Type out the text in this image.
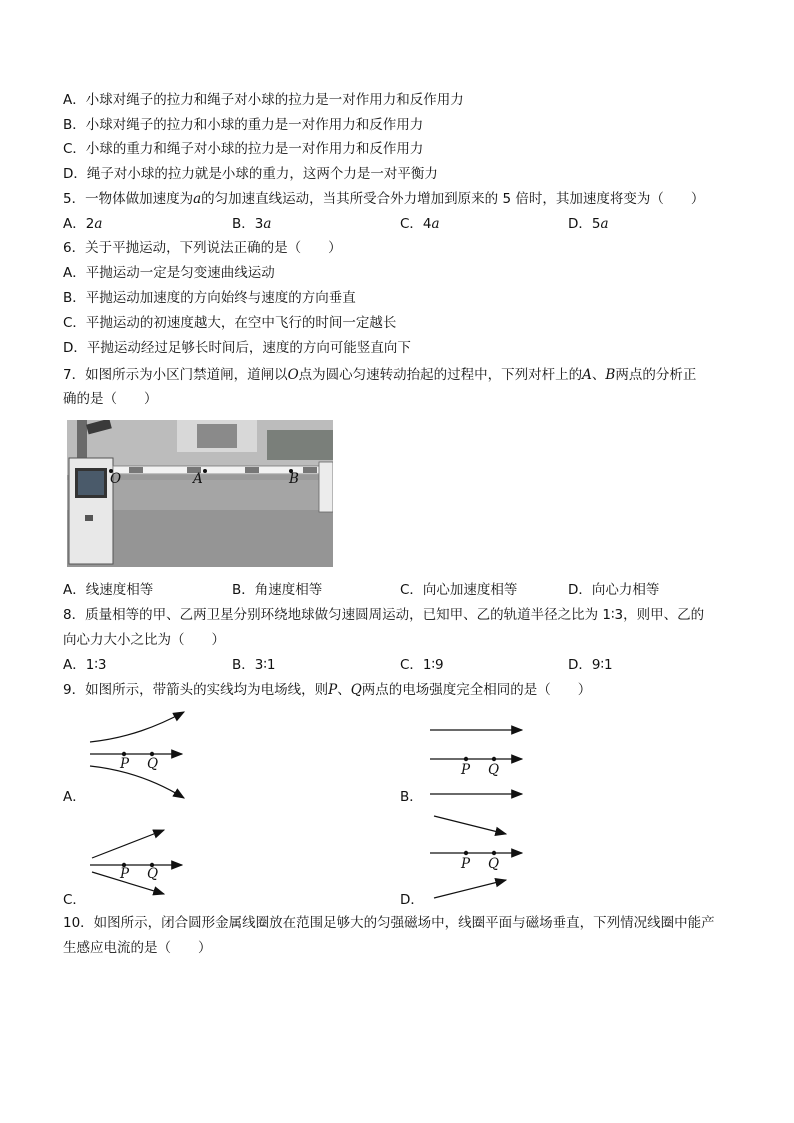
A．小球对绳子的拉力和绳子对小球的拉力是一对作用力和反作用力
B．小球对绳子的拉力和小球的重力是一对作用力和反作用力
C．小球的重力和绳子对小球的拉力是一对作用力和反作用力
D．绳子对小球的拉力就是小球的重力，这两个力是一对平衡力
5．一物体做加速度为a的匀加速直线运动，当其所受合外力增加到原来的 5 倍时，其加速度将变为（　　）
A．2a	B．3a	C．4a	D．5a
6．关于平抛运动，下列说法正确的是（　　）
A．平抛运动一定是匀变速曲线运动
B．平抛运动加速度的方向始终与速度的方向垂直
C．平抛运动的初速度越大，在空中飞行的时间一定越长
D．平抛运动经过足够长时间后，速度的方向可能竖直向下
7．如图所示为小区门禁道闸，道闸以O点为圆心匀速转动抬起的过程中，下列对杆上的A、B两点的分析正
确的是（　　）
O	A	B
A．线速度相等	B．角速度相等	C．向心加速度相等	D．向心力相等
8．质量相等的甲、乙两卫星分别环绕地球做匀速圆周运动，已知甲、乙的轨道半径之比为 1∶3，则甲、乙的
向心力大小之比为（　　）
A．1∶3	B．3∶1	C．1∶9	D．9∶1
9．如图所示，带箭头的实线均为电场线，则P、Q两点的电场强度完全相同的是（　　）
P Q
A．
P Q
B．
P Q
C．
P Q
D．
10．如图所示，闭合圆形金属线圈放在范围足够大的匀强磁场中，线圈平面与磁场垂直，下列情况线圈中能产
生感应电流的是（　　）
